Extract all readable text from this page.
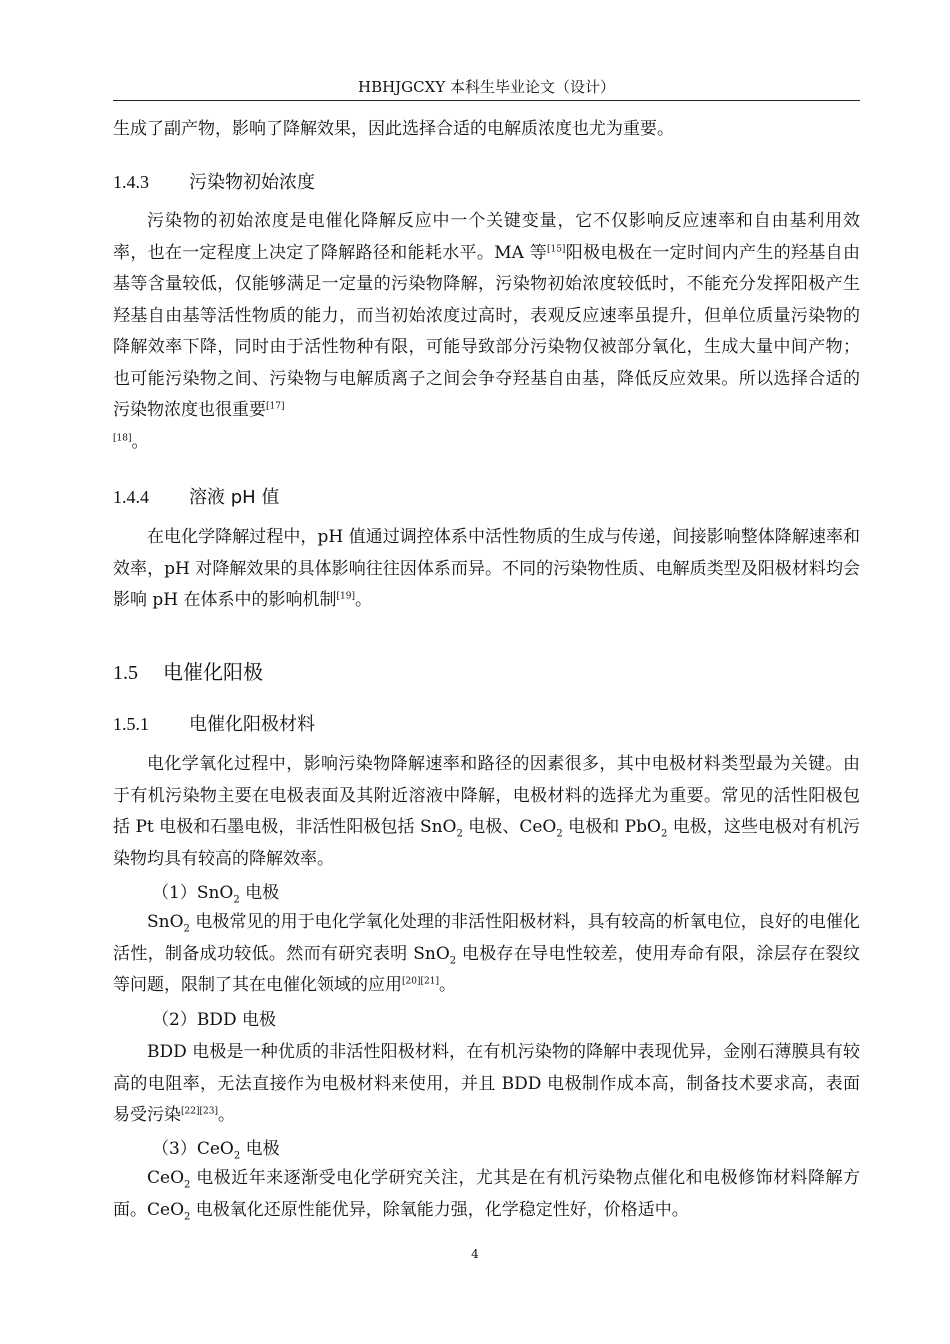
HBHJGCXY 本科生毕业论文（设计）
生成了副产物，影响了降解效果，因此选择合适的电解质浓度也尤为重要。
1.4.3 污染物初始浓度
污染物的初始浓度是电催化降解反应中一个关键变量，它不仅影响反应速率和自由基利用效率，也在一定程度上决定了降解路径和能耗水平。MA 等[15]阳极电极在一定时间内产生的羟基自由基等含量较低，仅能够满足一定量的污染物降解，污染物初始浓度较低时，不能充分发挥阳极产生羟基自由基等活性物质的能力，而当初始浓度过高时，表观反应速率虽提升，但单位质量污染物的降解效率下降，同时由于活性物种有限，可能导致部分污染物仅被部分氧化，生成大量中间产物；也可能污染物之间、污染物与电解质离子之间会争夺羟基自由基，降低反应效果。所以选择合适的污染物浓度也很重要[17]
[18]。
1.4.4 溶液 pH 值
在电化学降解过程中，pH 值通过调控体系中活性物质的生成与传递，间接影响整体降解速率和效率，pH 对降解效果的具体影响往往因体系而异。不同的污染物性质、电解质类型及阳极材料均会影响 pH 在体系中的影响机制[19]。
1.5 电催化阳极
1.5.1 电催化阳极材料
电化学氧化过程中，影响污染物降解速率和路径的因素很多，其中电极材料类型最为关键。由于有机污染物主要在电极表面及其附近溶液中降解，电极材料的选择尤为重要。常见的活性阳极包括 Pt 电极和石墨电极，非活性阳极包括 SnO$_2$ 电极、CeO$_2$ 电极和 PbO$_2$ 电极，这些电极对有机污染物均具有较高的降解效率。
（1）SnO$_2$ 电极
SnO$_2$ 电极常见的用于电化学氧化处理的非活性阳极材料，具有较高的析氧电位，良好的电催化活性，制备成功较低。然而有研究表明 SnO$_2$ 电极存在导电性较差，使用寿命有限，涂层存在裂纹等问题，限制了其在电催化领域的应用[20][21]。
（2）BDD 电极
BDD 电极是一种优质的非活性阳极材料，在有机污染物的降解中表现优异，金刚石薄膜具有较高的电阻率，无法直接作为电极材料来使用，并且 BDD 电极制作成本高，制备技术要求高，表面易受污染[22][23]。
（3）CeO$_2$ 电极
CeO$_2$ 电极近年来逐渐受电化学研究关注，尤其是在有机污染物点催化和电极修饰材料降解方面。CeO$_2$ 电极氧化还原性能优异，除氧能力强，化学稳定性好，价格适中。
4
